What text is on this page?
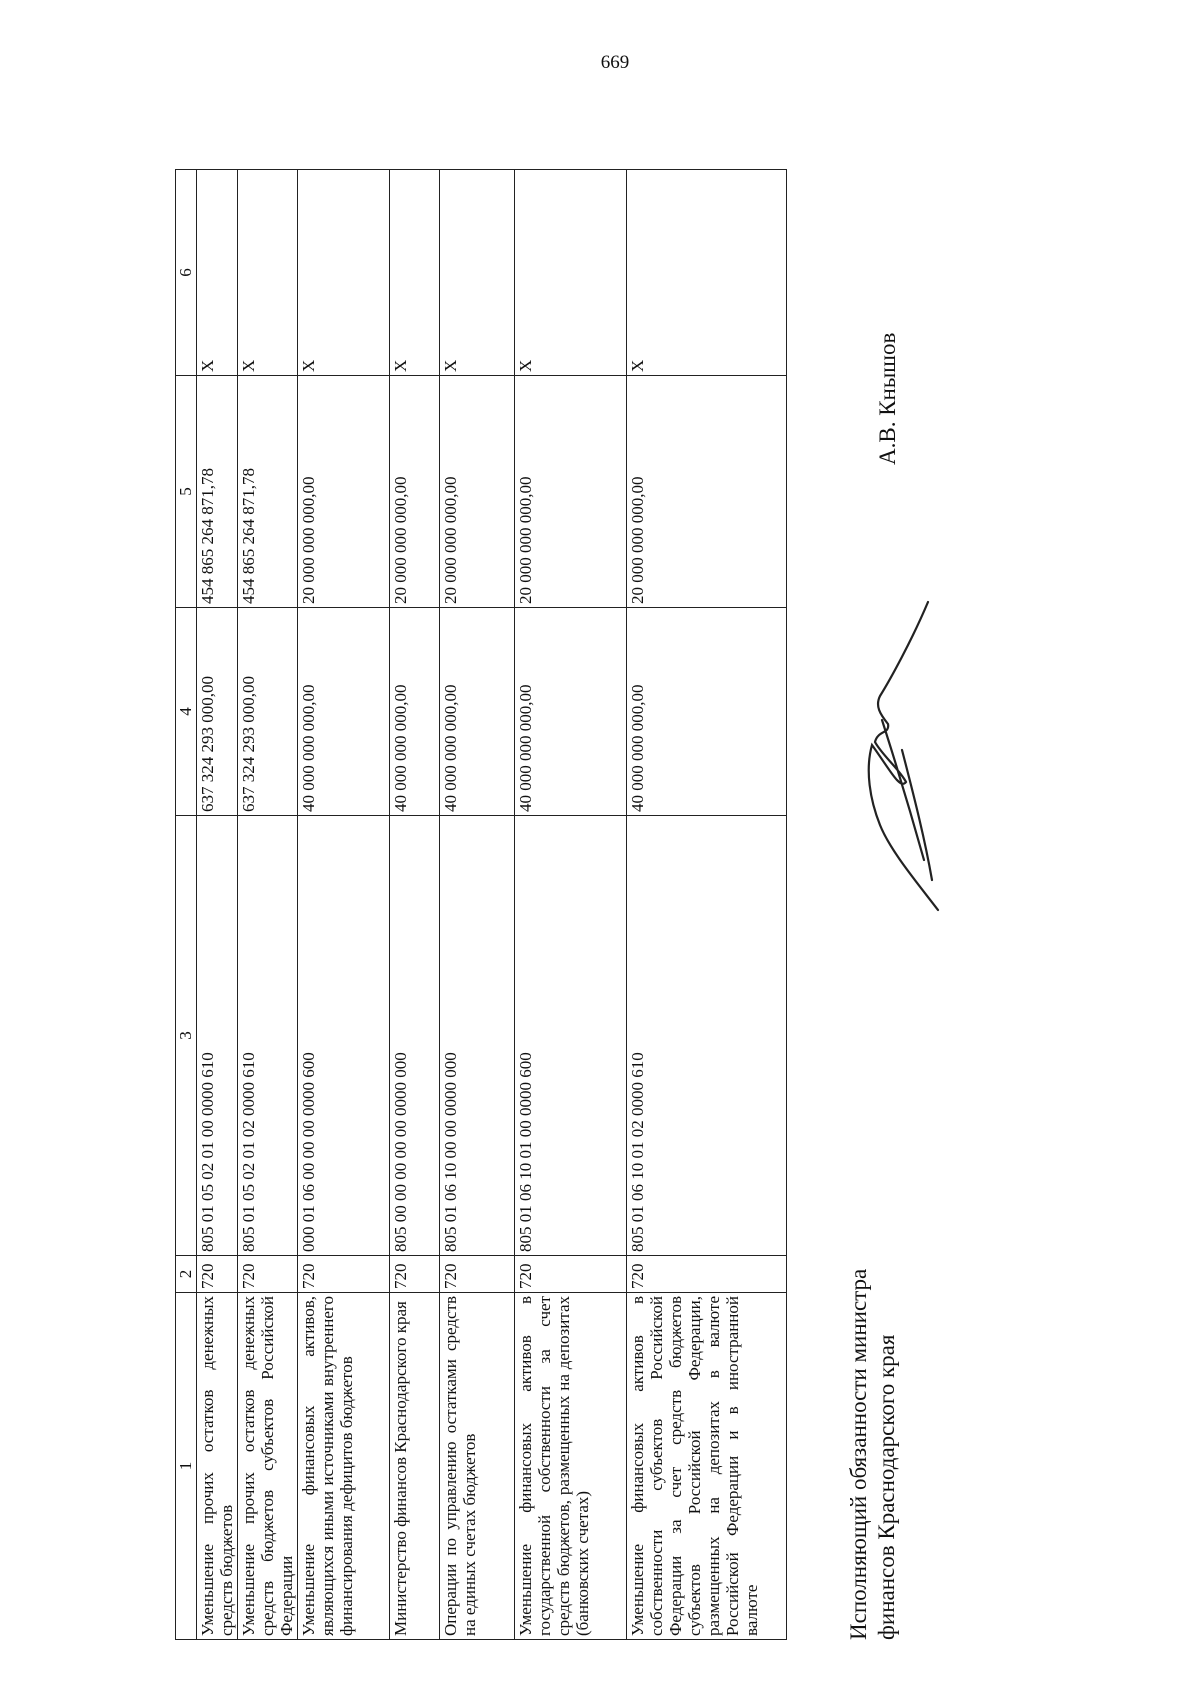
669
1	2	3	4	5	6
Уменьшение прочих остатков денежных средств бюджетов	720	805 01 05 02 01 00 0000 610	637 324 293 000,00	454 865 264 871,78	X
Уменьшение прочих остатков денежных средств бюджетов субъектов Российской Федерации	720	805 01 05 02 01 02 0000 610	637 324 293 000,00	454 865 264 871,78	X
Уменьшение финансовых активов, являющихся иными источниками внутреннего финансирования дефицитов бюджетов	720	000 01 06 00 00 00 0000 600	40 000 000 000,00	20 000 000 000,00	X
Министерство финансов Краснодарского края	720	805 00 00 00 00 00 0000 000	40 000 000 000,00	20 000 000 000,00	X
Операции по управлению остатками средств на единых счетах бюджетов	720	805 01 06 10 00 00 0000 000	40 000 000 000,00	20 000 000 000,00	X
Уменьшение финансовых активов в государственной собственности за счет средств бюджетов, размещенных на депозитах (банковских счетах)	720	805 01 06 10 01 00 0000 600	40 000 000 000,00	20 000 000 000,00	X
Уменьшение финансовых активов в собственности субъектов Российской Федерации за счет средств бюджетов субъектов Российской Федерации, размещенных на депозитах в валюте Российской Федерации и в иностранной валюте	720	805 01 06 10 01 02 0000 610	40 000 000 000,00	20 000 000 000,00	X
Исполняющий обязанности министра финансов Краснодарского края
А.В. Кнышов
